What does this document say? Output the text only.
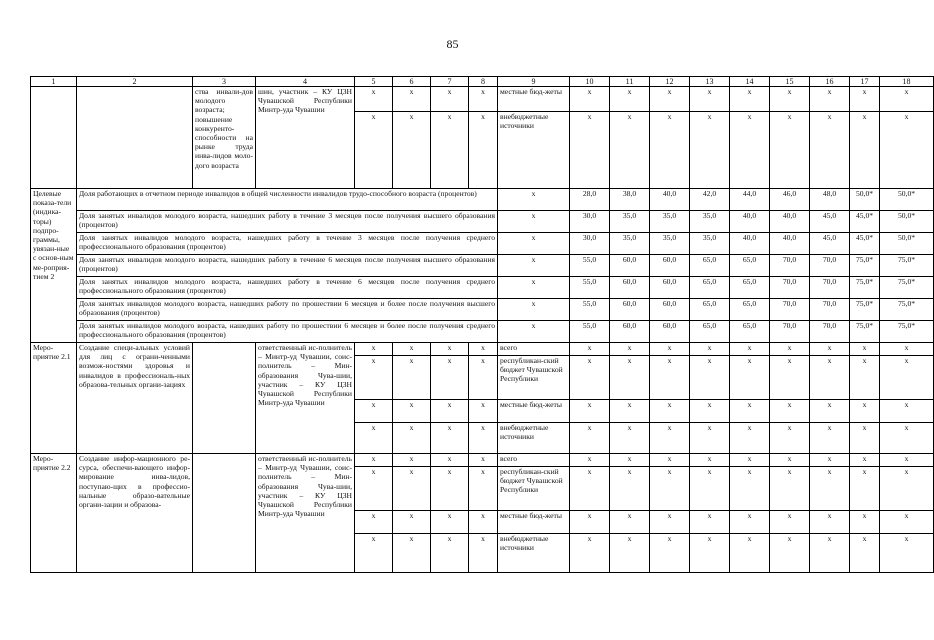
85
1	2	3	4	5	6	7	8	9	10	11	12	13	14	15	16	17	18
		ства инвали-дов молодого возраста; повышение конкуренто-способности на рынке труда инва-лидов моло-дого возраста	шин, участник – КУ ЦЗН Чувашской Республики Минтр-уда Чувашии	x	x	x	x	местные бюд-жеты	x	x	x	x	x	x	x	x	x
				x	x	x	x	внебюджетные источники	x	x	x	x	x	x	x	x	x
Целевые показа-тели (индика-торы) подпро-граммы, увязан-ные с основ-ным ме-роприя-тием 2	Доля работающих в отчетном периоде инвалидов в общей численности инвалидов трудо-способного возраста (процентов)							x	28,0	38,0	40,0	42,0	44,0	46,0	48,0	50,0*	50,0*
	Доля занятых инвалидов молодого возраста, нашедших работу в течение 3 месяцев после получения высшего образования (процентов)							x	30,0	35,0	35,0	35,0	40,0	40,0	45,0	45,0*	50,0*
	Доля занятых инвалидов молодого возраста, нашедших работу в течение 3 месяцев после получения среднего профессионального образования (процентов)							x	30,0	35,0	35,0	35,0	40,0	40,0	45,0	45,0*	50,0*
	Доля занятых инвалидов молодого возраста, нашедших работу в течение 6 месяцев после получения высшего образования (процентов)							x	55,0	60,0	60,0	65,0	65,0	70,0	70,0	75,0*	75,0*
	Доля занятых инвалидов молодого возраста, нашедших работу в течение 6 месяцев после получения среднего профессионального образования (процентов)							x	55,0	60,0	60,0	65,0	65,0	70,0	70,0	75,0*	75,0*
	Доля занятых инвалидов молодого возраста, нашедших работу по прошествии 6 месяцев и более после получения высшего образования (процентов)							x	55,0	60,0	60,0	65,0	65,0	70,0	70,0	75,0*	75,0*
	Доля занятых инвалидов молодого возраста, нашедших работу по прошествии 6 месяцев и более после получения среднего профессионального образования (процентов)							x	55,0	60,0	60,0	65,0	65,0	70,0	70,0	75,0*	75,0*
Меро-приятие 2.1	Создание специ-альных условий для лиц с ограни-ченными возмож-ностями здоровья и инвалидов в профессиональ-ных образова-тельных органи-зациях		ответственный ис-полнитель – Минтр-уд Чувашии, соис-полнитель – Мин-образования Чува-шии, участник – КУ ЦЗН Чувашской Республики Минтр-уда Чувашии	x	x	x	x	всего	x	x	x	x	x	x	x	x	x
				x	x	x	x	республикан-ский бюджет Чувашской Республики	x	x	x	x	x	x	x	x	x
				x	x	x	x	местные бюд-жеты	x	x	x	x	x	x	x	x	x
				x	x	x	x	внебюджетные источники	x	x	x	x	x	x	x	x	x
Меро-приятие 2.2	Создание инфор-мационного ре-сурса, обеспечи-вающего инфор-мирование инва-лидов, поступаю-щих в профессио-нальные образо-вательные органи-зации и образова-		ответственный ис-полнитель – Минтр-уд Чувашии, соис-полнитель – Мин-образования Чува-шии, участник – КУ ЦЗН Чувашской Республики Минтр-уда Чувашии	x	x	x	x	всего	x	x	x	x	x	x	x	x	x
				x	x	x	x	республикан-ский бюджет Чувашской Республики	x	x	x	x	x	x	x	x	x
				x	x	x	x	местные бюд-жеты	x	x	x	x	x	x	x	x	x
				x	x	x	x	внебюджетные источники	x	x	x	x	x	x	x	x	x
